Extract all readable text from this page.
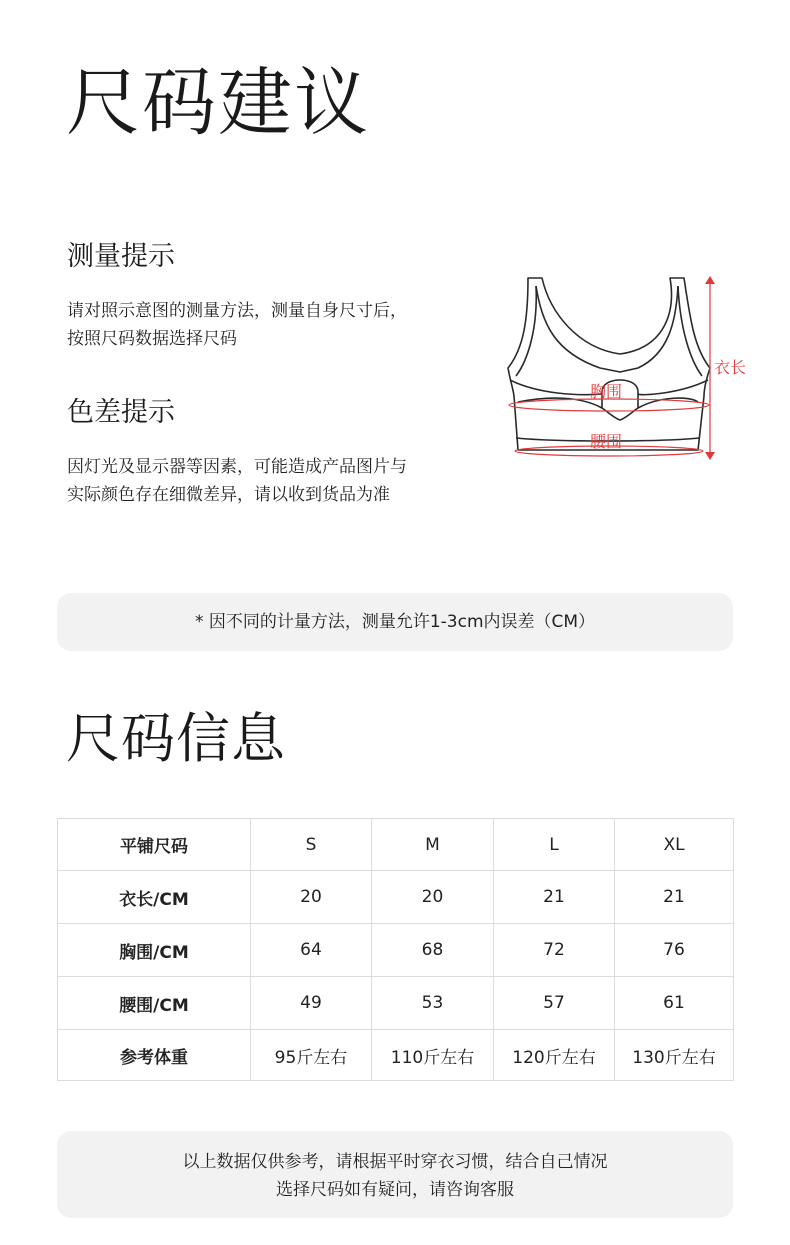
尺码建议
测量提示
请对照示意图的测量方法，测量自身尺寸后，
按照尺码数据选择尺码
色差提示
因灯光及显示器等因素，可能造成产品图片与
实际颜色存在细微差异，请以收到货品为准
衣长
胸围
腰围
* 因不同的计量方法，测量允许1-3cm内误差（CM）
尺码信息
平铺尺码	S	M	L	XL
衣长/CM	20	20	21	21
胸围/CM	64	68	72	76
腰围/CM	49	53	57	61
参考体重	95斤左右	110斤左右	120斤左右	130斤左右
以上数据仅供参考，请根据平时穿衣习惯，结合自己情况
选择尺码如有疑问，请咨询客服
